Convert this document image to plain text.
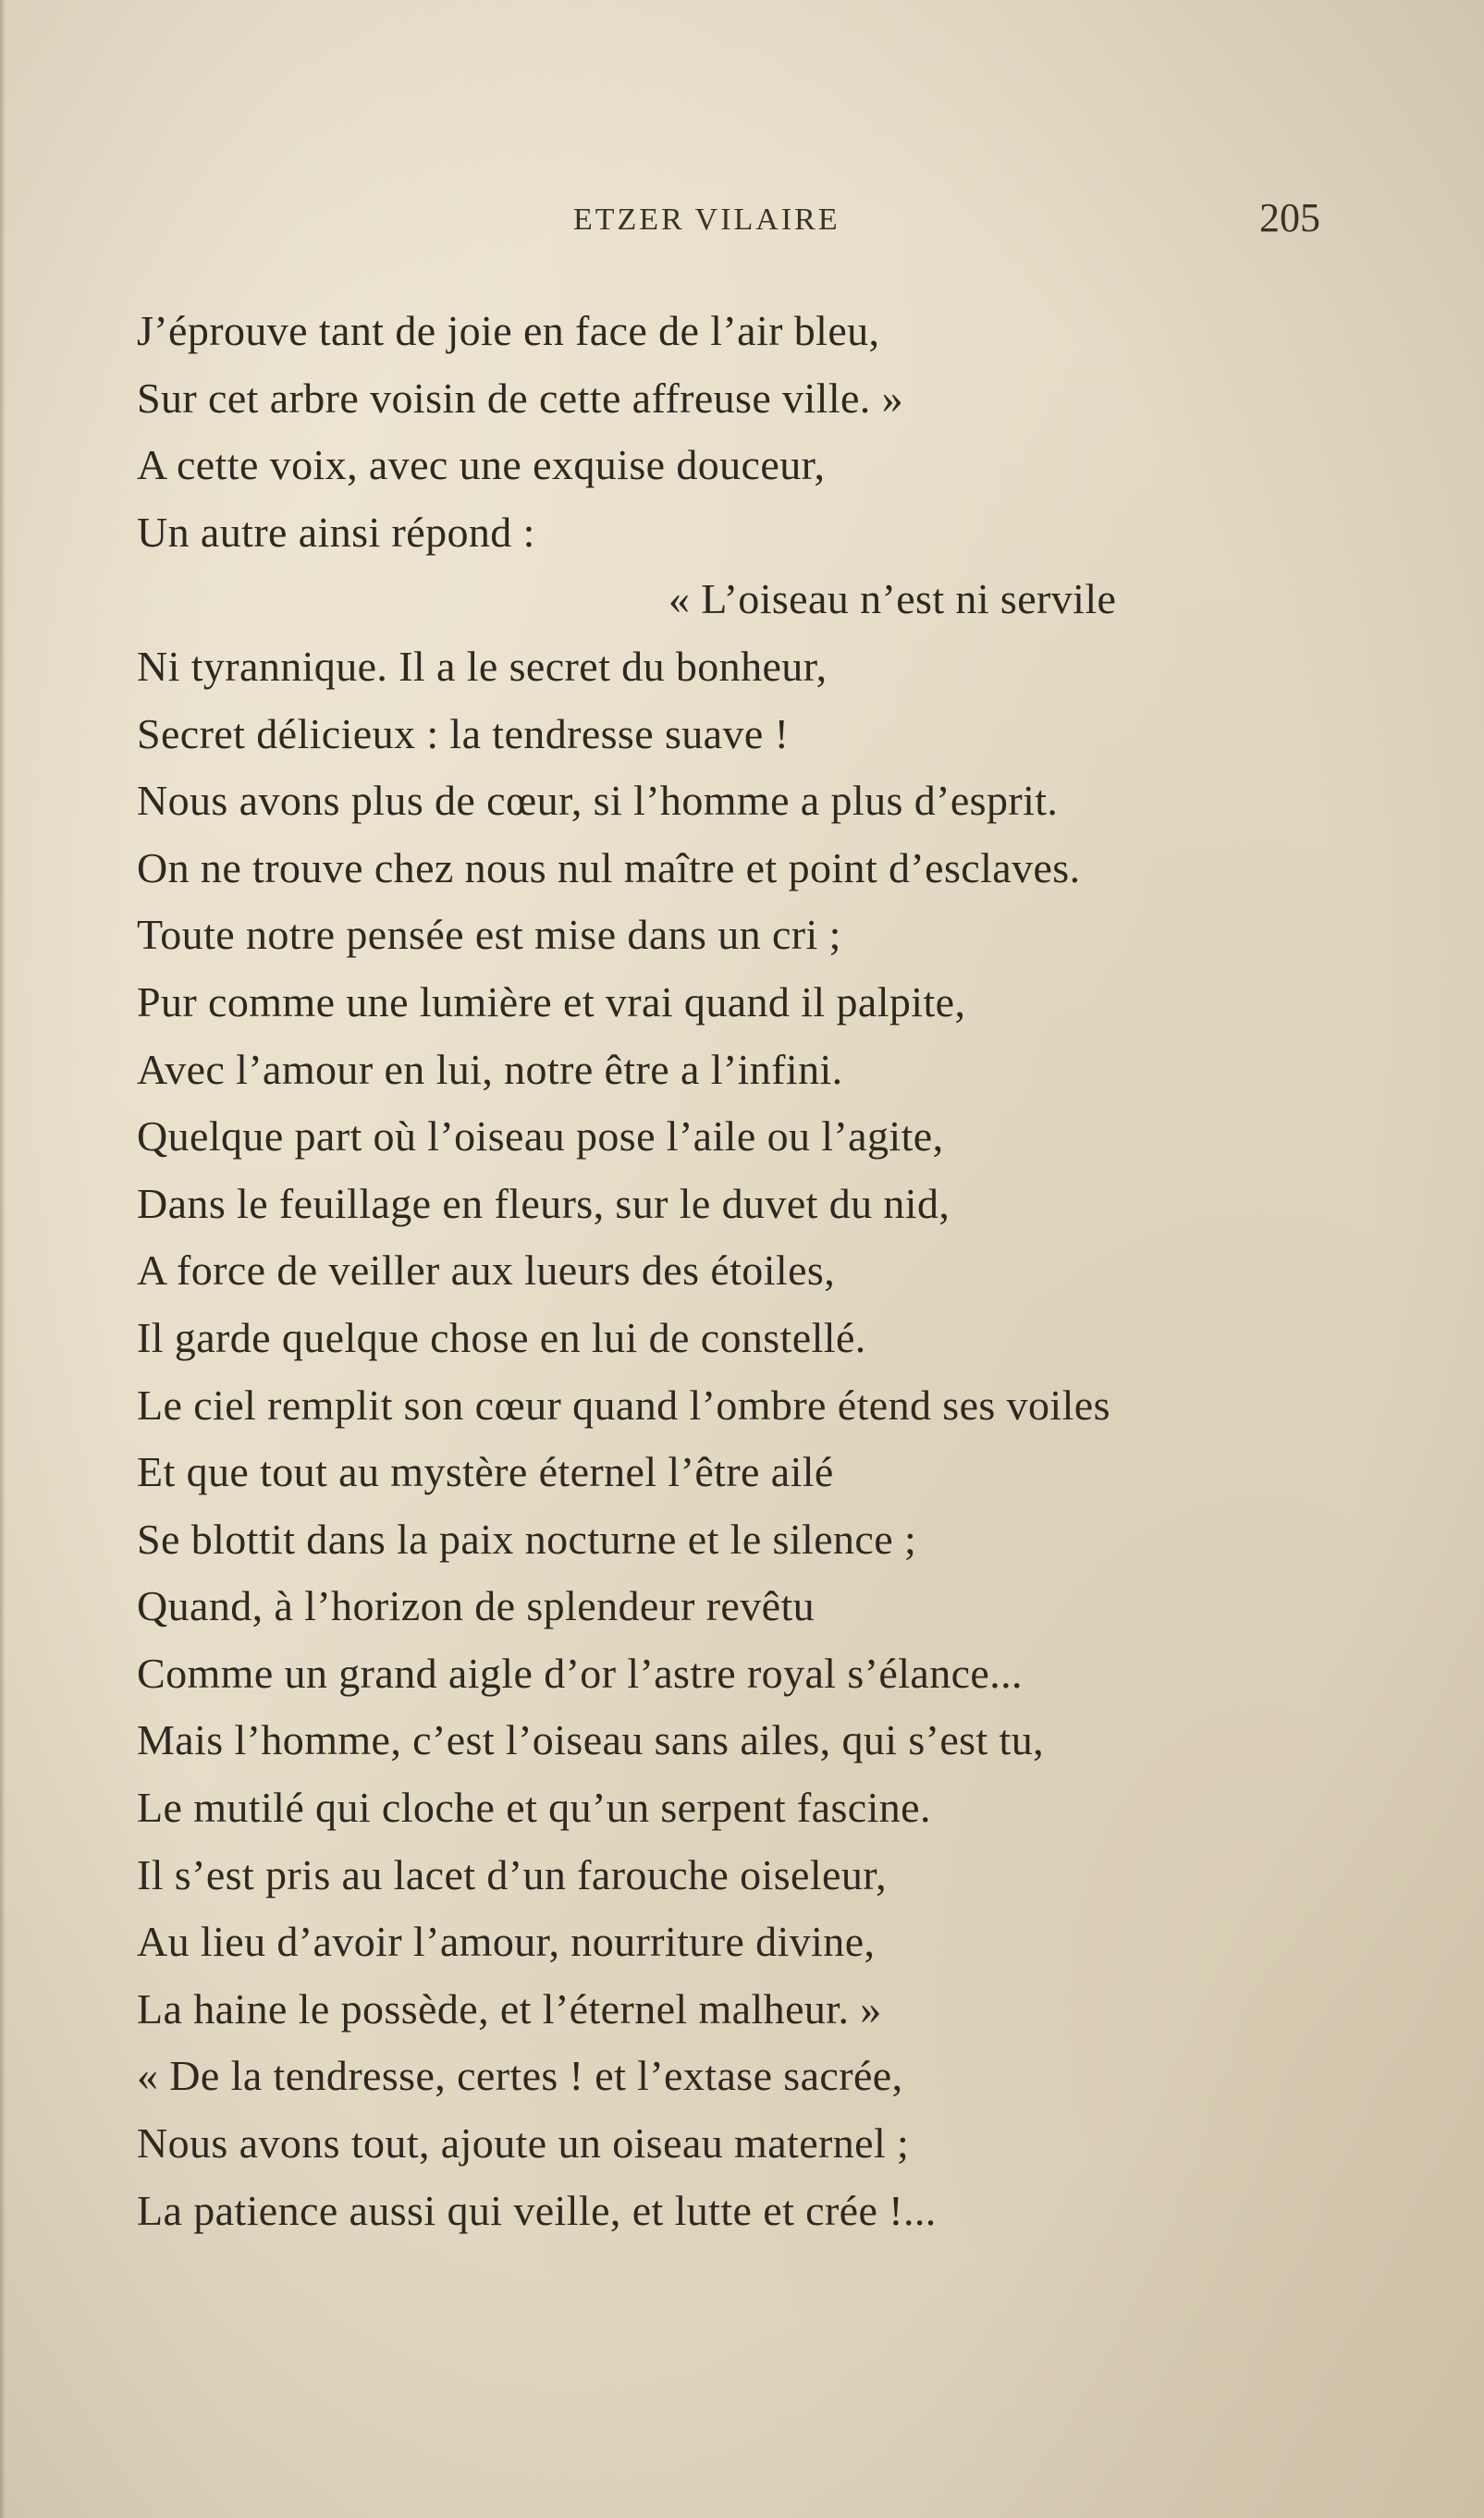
ETZER VILAIRE	205
J’éprouve tant de joie en face de l’air bleu,
Sur cet arbre voisin de cette affreuse ville. »
A cette voix, avec une exquise douceur,
Un autre ainsi répond :
« L’oiseau n’est ni servile
Ni tyrannique. Il a le secret du bonheur,
Secret délicieux : la tendresse suave !
Nous avons plus de cœur, si l’homme a plus d’esprit.
On ne trouve chez nous nul maître et point d’esclaves.
Toute notre pensée est mise dans un cri ;
Pur comme une lumière et vrai quand il palpite,
Avec l’amour en lui, notre être a l’infini.
Quelque part où l’oiseau pose l’aile ou l’agite,
Dans le feuillage en fleurs, sur le duvet du nid,
A force de veiller aux lueurs des étoiles,
Il garde quelque chose en lui de constellé.
Le ciel remplit son cœur quand l’ombre étend ses voiles
Et que tout au mystère éternel l’être ailé
Se blottit dans la paix nocturne et le silence ;
Quand, à l’horizon de splendeur revêtu
Comme un grand aigle d’or l’astre royal s’élance...
Mais l’homme, c’est l’oiseau sans ailes, qui s’est tu,
Le mutilé qui cloche et qu’un serpent fascine.
Il s’est pris au lacet d’un farouche oiseleur,
Au lieu d’avoir l’amour, nourriture divine,
La haine le possède, et l’éternel malheur. »
« De la tendresse, certes ! et l’extase sacrée,
Nous avons tout, ajoute un oiseau maternel ;
La patience aussi qui veille, et lutte et crée !...
